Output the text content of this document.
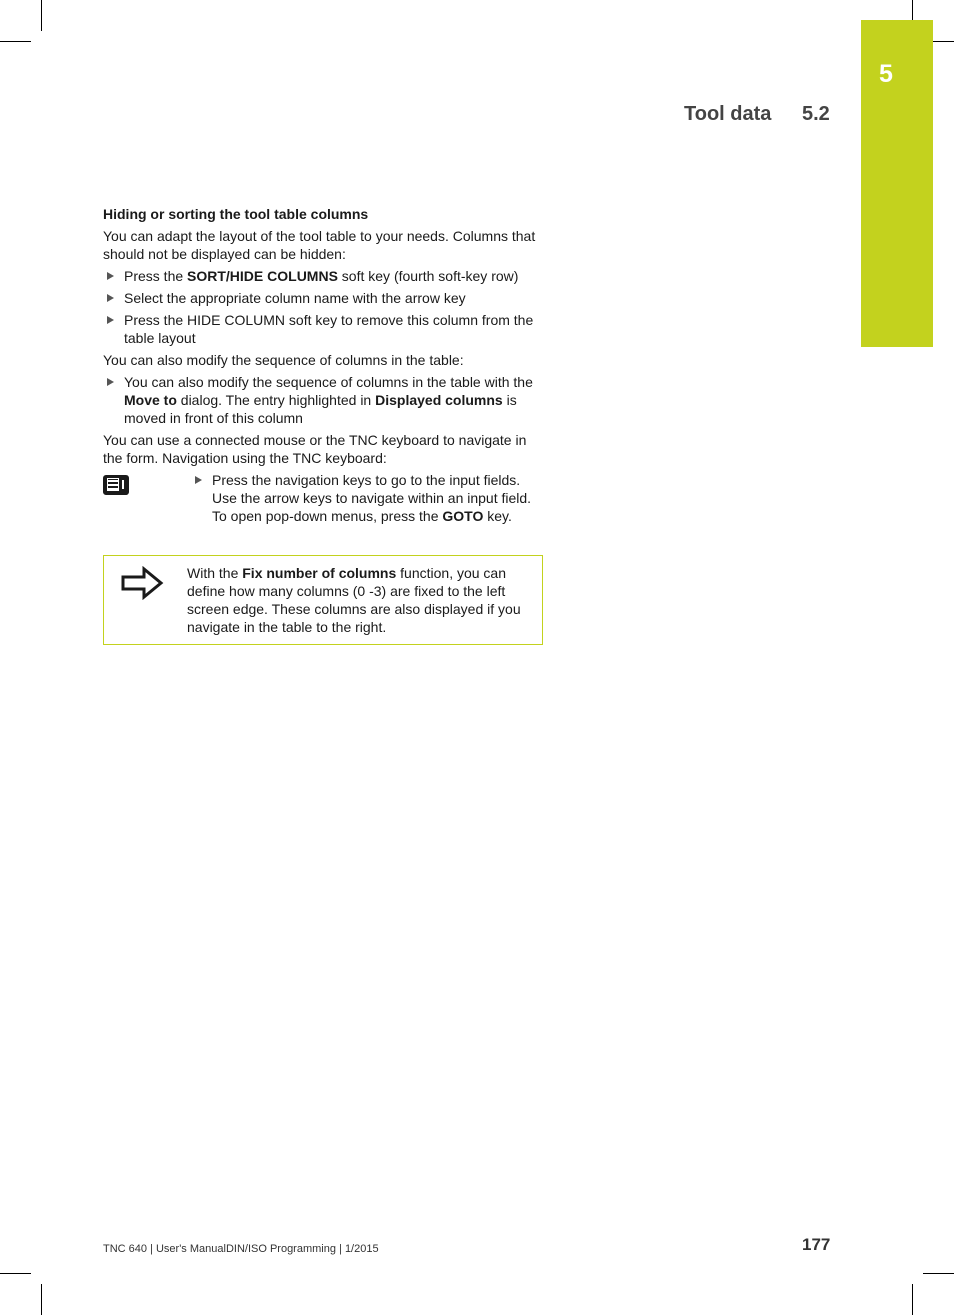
5
Tool data 5.2
Hiding or sorting the tool table columns

You can adapt the layout of the tool table to your needs. Columns that should not be displayed can be hidden:

Press the SORT/HIDE COLUMNS soft key (fourth soft-key row)
Select the appropriate column name with the arrow key
Press the HIDE COLUMN soft key to remove this column from the table layout

You can also modify the sequence of columns in the table:

You can also modify the sequence of columns in the table with the Move to dialog. The entry highlighted in Displayed columns is moved in front of this column

You can use a connected mouse or the TNC keyboard to navigate in the form. Navigation using the TNC keyboard:

Press the navigation keys to go to the input fields. Use the arrow keys to navigate within an input field. To open pop-down menus, press the GOTO key.
With the Fix number of columns function, you can define how many columns (0 -3) are fixed to the left screen edge. These columns are also displayed if you navigate in the table to the right.
TNC 640 | User's ManualDIN/ISO Programming | 1/2015	177
